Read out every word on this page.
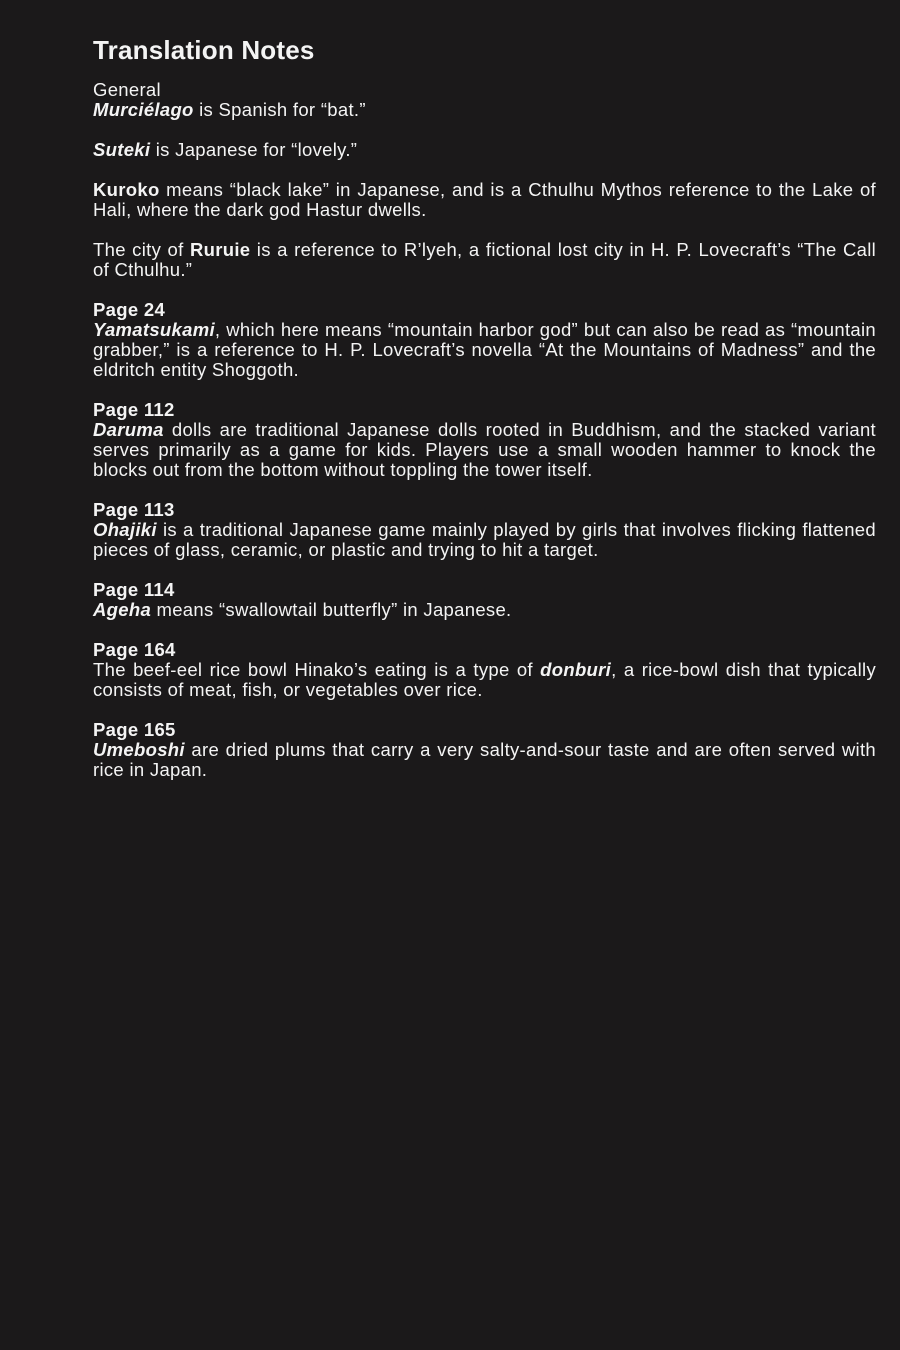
Translation Notes
General

Murciélago is Spanish for “bat.”

Suteki is Japanese for “lovely.”

Kuroko means “black lake” in Japanese, and is a Cthulhu Mythos reference to the Lake of Hali, where the dark god Hastur dwells.

The city of Ruruie is a reference to R’lyeh, a fictional lost city in H. P. Lovecraft’s “The Call of Cthulhu.”

Page 24

Yamatsukami, which here means “mountain harbor god” but can also be read as “mountain grabber,” is a reference to H. P. Lovecraft’s novella “At the Mountains of Madness” and the eldritch entity Shoggoth.

Page 112

Daruma dolls are traditional Japanese dolls rooted in Buddhism, and the stacked variant serves primarily as a game for kids. Players use a small wooden hammer to knock the blocks out from the bottom without toppling the tower itself.

Page 113

Ohajiki is a traditional Japanese game mainly played by girls that involves flicking flattened pieces of glass, ceramic, or plastic and trying to hit a target.

Page 114

Ageha means “swallowtail butterfly” in Japanese.

Page 164

The beef-eel rice bowl Hinako’s eating is a type of donburi, a rice-bowl dish that typically consists of meat, fish, or vegetables over rice.

Page 165

Umeboshi are dried plums that carry a very salty-and-sour taste and are often served with rice in Japan.
